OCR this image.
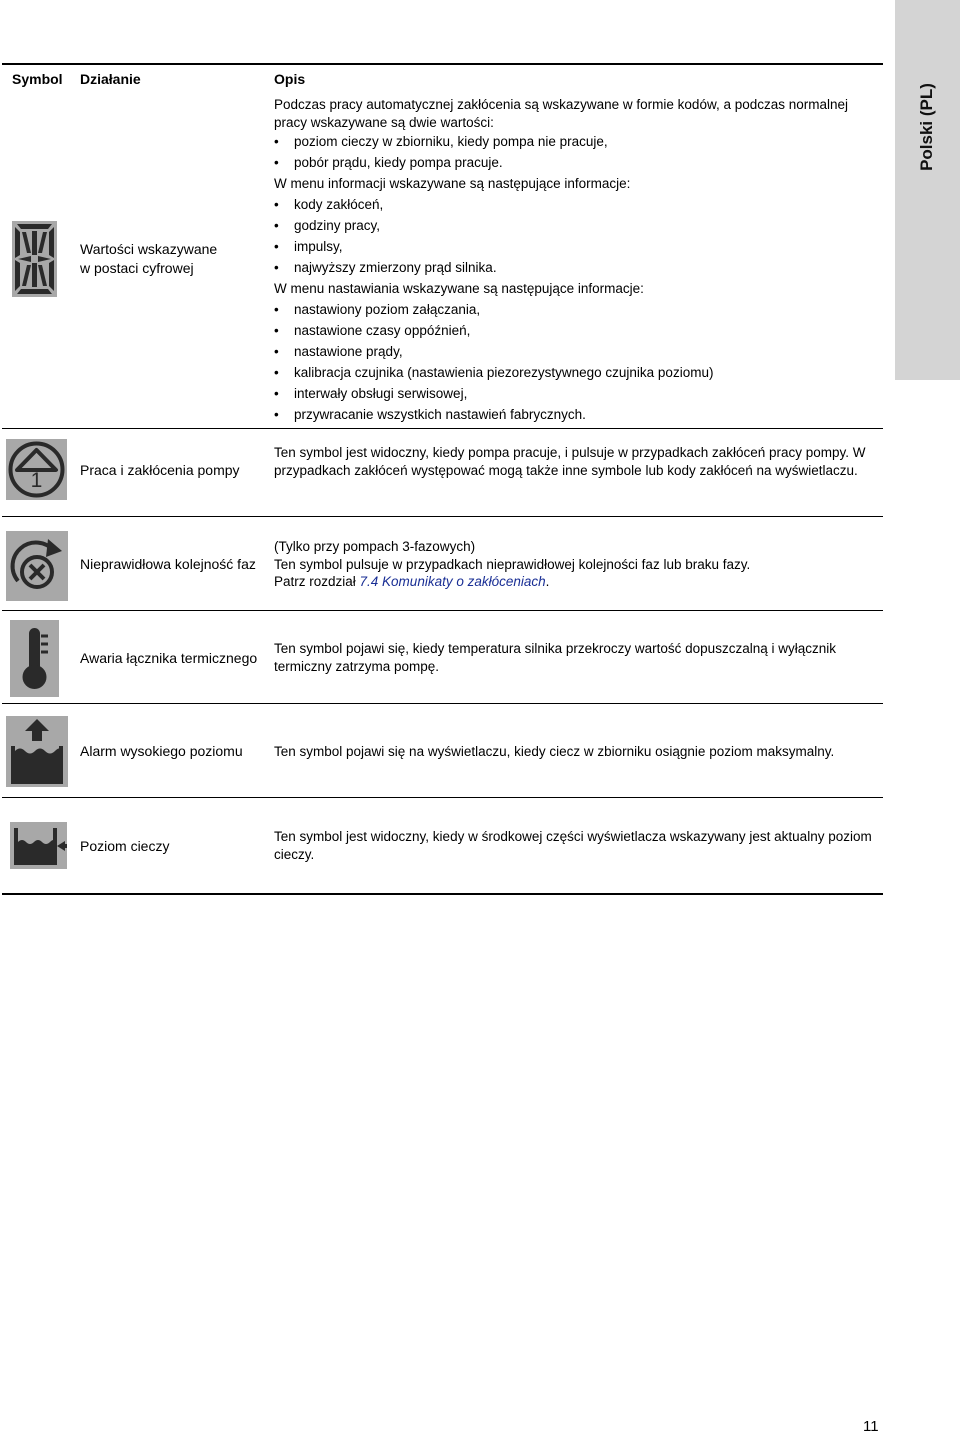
Polski (PL)
Symbol Działanie	Opis
Wartości wskazywane
w postaci cyfrowej

Podczas pracy automatycznej zakłócenia są wskazywane w formie kodów, a podczas normalnej pracy wskazywane są dwie wartości:

• poziom cieczy w zbiorniku, kiedy pompa nie pracuje,
• pobór prądu, kiedy pompa pracuje.

W menu informacji wskazywane są następujące informacje:

• kody zakłóceń,
• godziny pracy,
• impulsy,
• najwyższy zmierzony prąd silnika.

W menu nastawiania wskazywane są następujące informacje:

• nastawiony poziom załączania,
• nastawione czasy oppóźnień,
• nastawione prądy,
• kalibracja czujnika (nastawienia piezorezystywnego czujnika poziomu)
• interwały obsługi serwisowej,
• przywracanie wszystkich nastawień fabrycznych.
1	Praca i zakłócenia pompy
Ten symbol jest widoczny, kiedy pompa pracuje, i pulsuje w przypadkach zakłóceń pracy pompy. W przypadkach zakłóceń występować mogą także inne symbole lub kody zakłóceń na wyświetlaczu.
Nieprawidłowa kolejność faz
(Tylko przy pompach 3-fazowych)
Ten symbol pulsuje w przypadkach nieprawidłowej kolejności faz lub braku fazy.
Patrz rozdział 7.4 Komunikaty o zakłóceniach.
Awaria łącznika termicznego
Ten symbol pojawi się, kiedy temperatura silnika przekroczy wartość dopuszczalną i wyłącznik termiczny zatrzyma pompę.
Alarm wysokiego poziomu Ten symbol pojawi się na wyświetlaczu, kiedy ciecz w zbiorniku osiągnie poziom maksymalny.
Poziom cieczy
Ten symbol jest widoczny, kiedy w środkowej części wyświetlacza wskazywany jest aktualny poziom cieczy.
11
